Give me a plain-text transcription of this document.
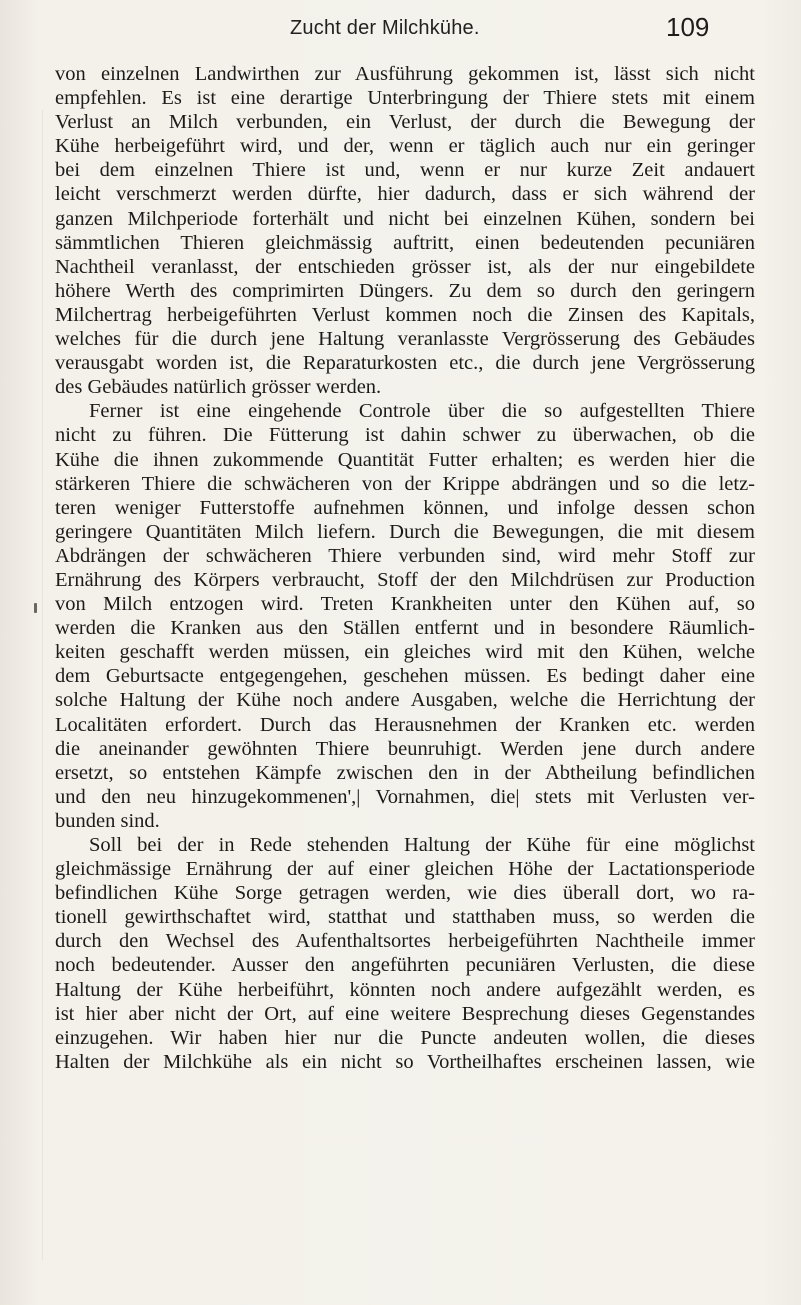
Zucht der Milchkühe.	109
von einzelnen Landwirthen zur Ausführung gekommen ist, lässt sich nicht
empfehlen. Es ist eine derartige Unterbringung der Thiere stets mit einem
Verlust an Milch verbunden, ein Verlust, der durch die Bewegung der
Kühe herbeigeführt wird, und der, wenn er täglich auch nur ein geringer
bei dem einzelnen Thiere ist und, wenn er nur kurze Zeit andauert
leicht verschmerzt werden dürfte, hier dadurch, dass er sich während der
ganzen Milchperiode forterhält und nicht bei einzelnen Kühen, sondern bei
sämmtlichen Thieren gleichmässig auftritt, einen bedeutenden pecuniären
Nachtheil veranlasst, der entschieden grösser ist, als der nur eingebildete
höhere Werth des comprimirten Düngers. Zu dem so durch den geringern
Milchertrag herbeigeführten Verlust kommen noch die Zinsen des Kapitals,
welches für die durch jene Haltung veranlasste Vergrösserung des Gebäudes
verausgabt worden ist, die Reparaturkosten etc., die durch jene Vergrösserung
des Gebäudes natürlich grösser werden.
Ferner ist eine eingehende Controle über die so aufgestellten Thiere
nicht zu führen. Die Fütterung ist dahin schwer zu überwachen, ob die
Kühe die ihnen zukommende Quantität Futter erhalten; es werden hier die
stärkeren Thiere die schwächeren von der Krippe abdrängen und so die letz-
teren weniger Futterstoffe aufnehmen können, und infolge dessen schon
geringere Quantitäten Milch liefern. Durch die Bewegungen, die mit diesem
Abdrängen der schwächeren Thiere verbunden sind, wird mehr Stoff zur
Ernährung des Körpers verbraucht, Stoff der den Milchdrüsen zur Production
von Milch entzogen wird. Treten Krankheiten unter den Kühen auf, so
werden die Kranken aus den Ställen entfernt und in besondere Räumlich-
keiten geschafft werden müssen, ein gleiches wird mit den Kühen, welche
dem Geburtsacte entgegengehen, geschehen müssen. Es bedingt daher eine
solche Haltung der Kühe noch andere Ausgaben, welche die Herrichtung der
Localitäten erfordert. Durch das Herausnehmen der Kranken etc. werden
die aneinander gewöhnten Thiere beunruhigt. Werden jene durch andere
ersetzt, so entstehen Kämpfe zwischen den in der Abtheilung befindlichen
und den neu hinzugekommenen',| Vornahmen, die| stets mit Verlusten ver-
bunden sind.
Soll bei der in Rede stehenden Haltung der Kühe für eine möglichst
gleichmässige Ernährung der auf einer gleichen Höhe der Lactationsperiode
befindlichen Kühe Sorge getragen werden, wie dies überall dort, wo ra-
tionell gewirthschaftet wird, statthat und statthaben muss, so werden die
durch den Wechsel des Aufenthaltsortes herbeigeführten Nachtheile immer
noch bedeutender. Ausser den angeführten pecuniären Verlusten, die diese
Haltung der Kühe herbeiführt, könnten noch andere aufgezählt werden, es
ist hier aber nicht der Ort, auf eine weitere Besprechung dieses Gegenstandes
einzugehen. Wir haben hier nur die Puncte andeuten wollen, die dieses
Halten der Milchkühe als ein nicht so Vortheilhaftes erscheinen lassen, wie
